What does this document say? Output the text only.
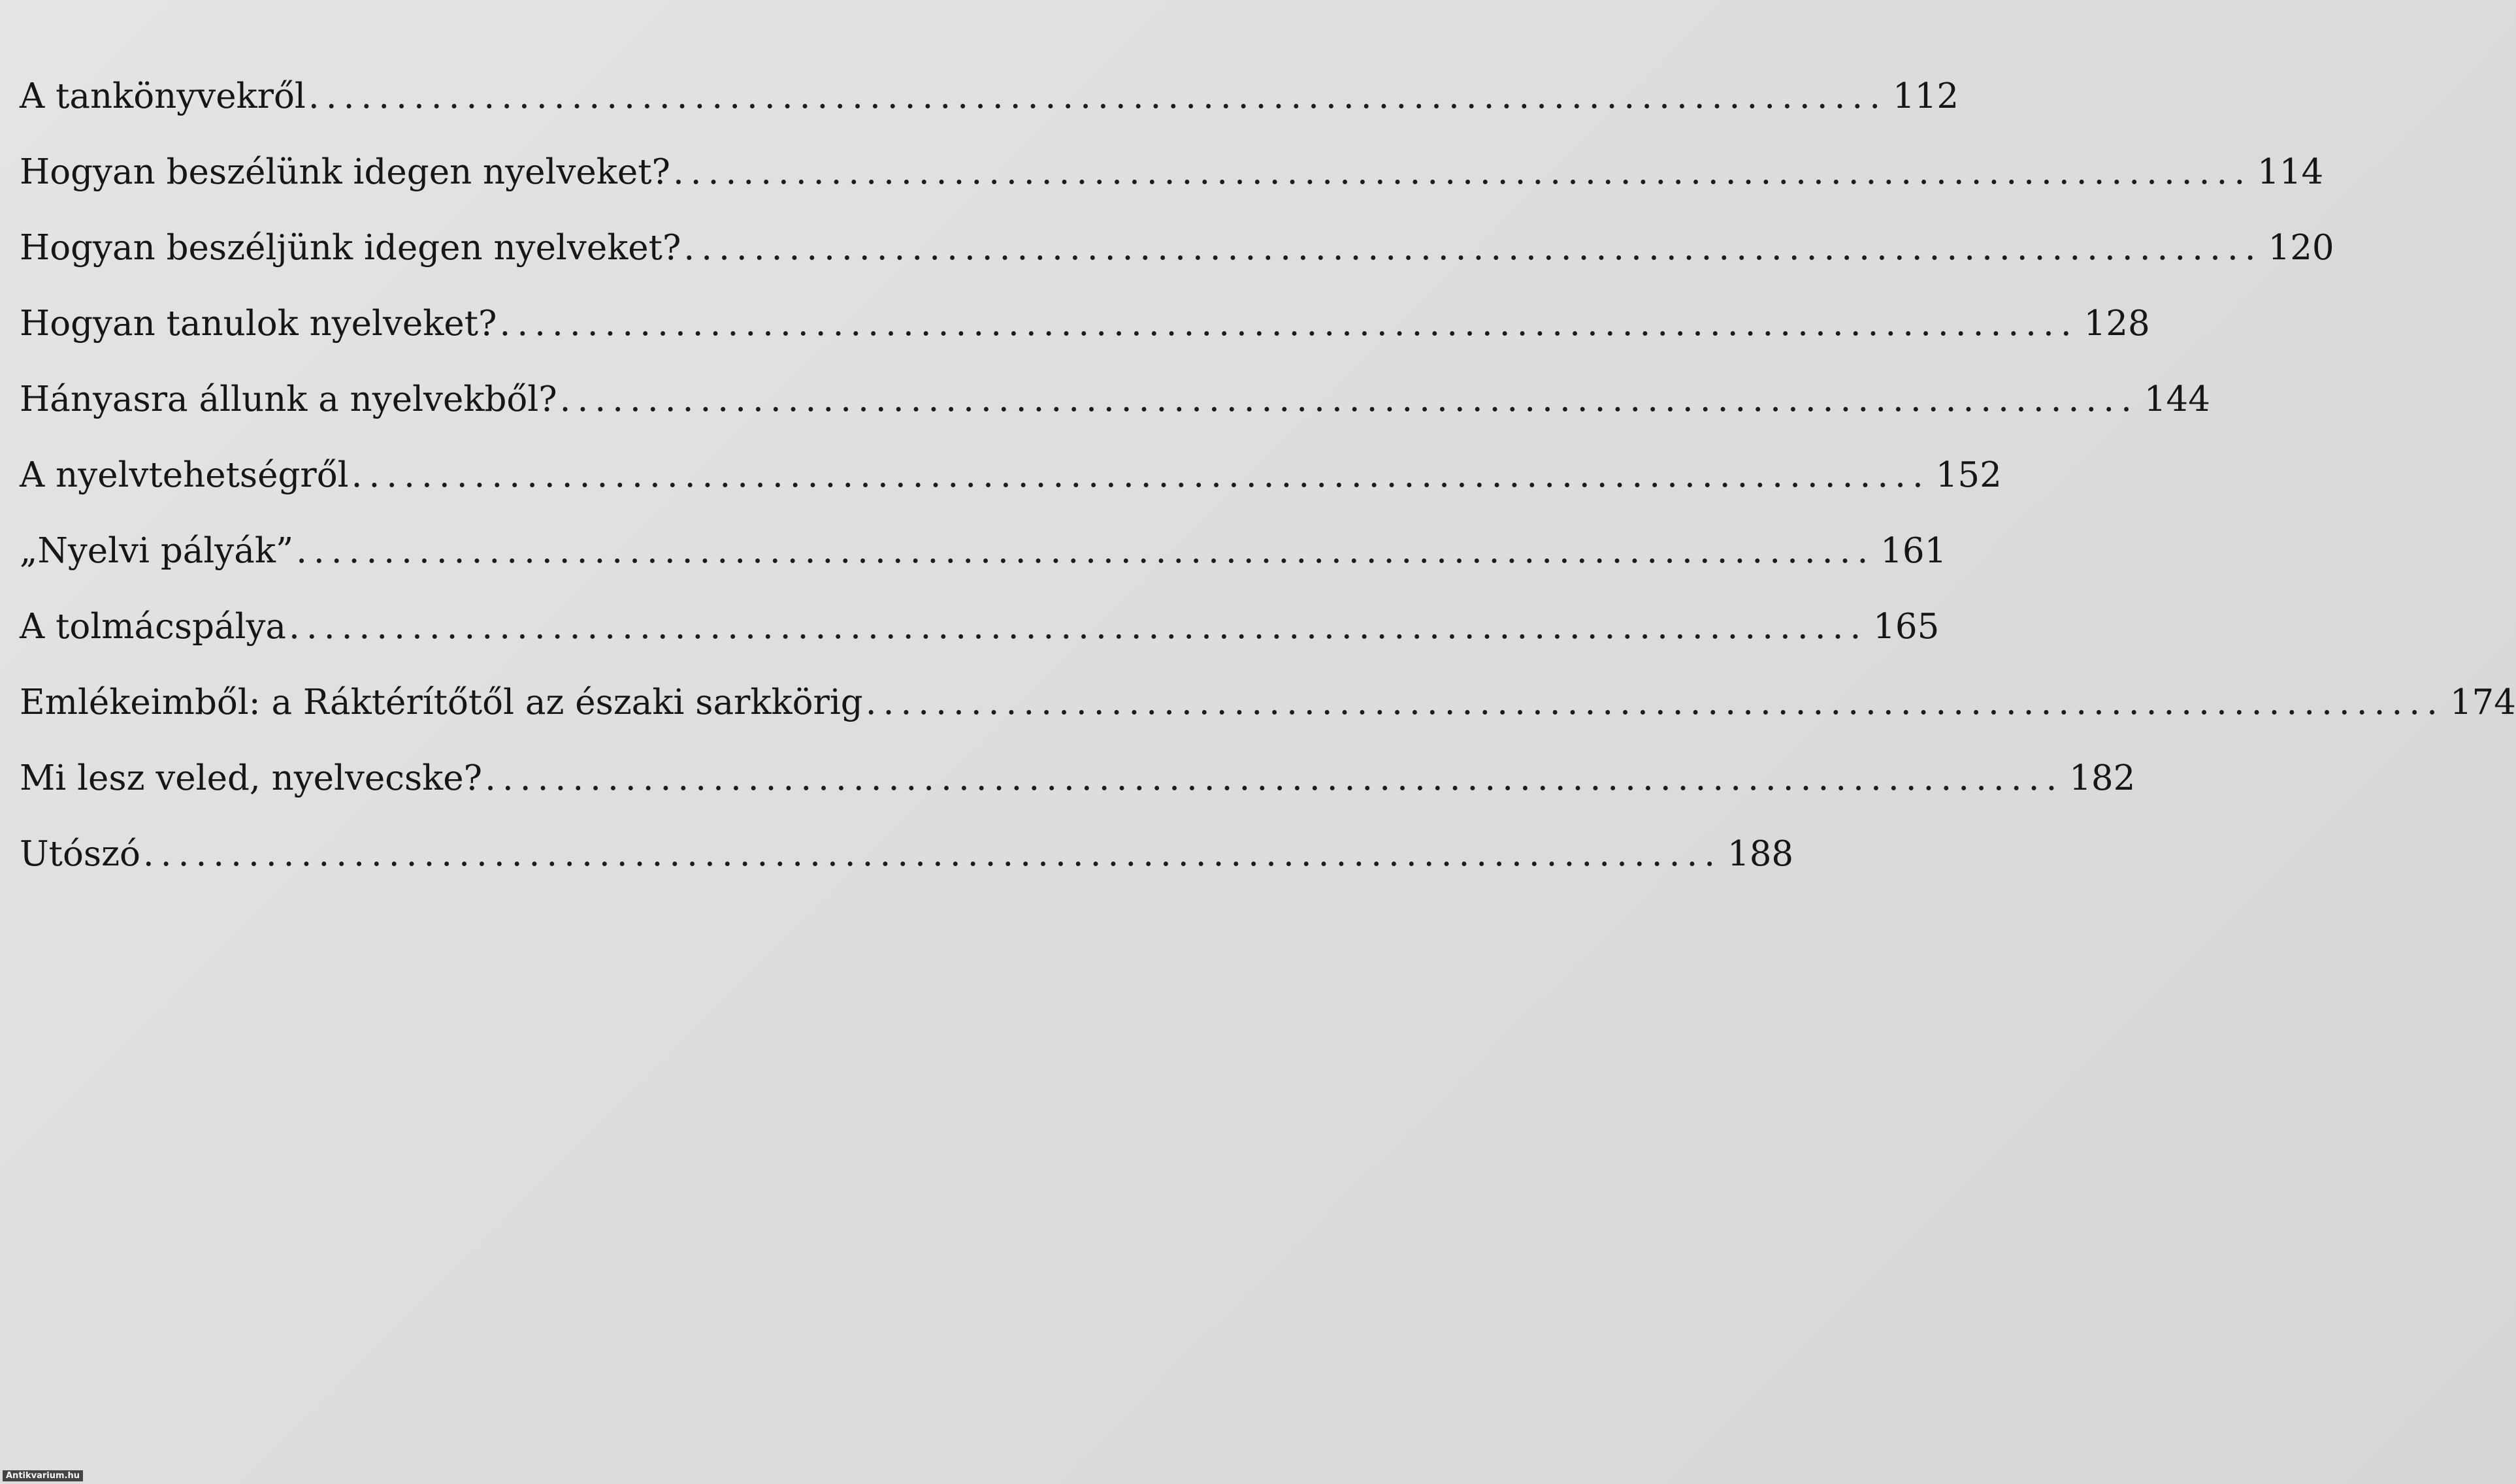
A tankönyvekről .......................................................................................... 112
Hogyan beszélünk idegen nyelveket? .......................................................................................... 114
Hogyan beszéljünk idegen nyelveket? .......................................................................................... 120
Hogyan tanulok nyelveket? .......................................................................................... 128
Hányasra állunk a nyelvekből? .......................................................................................... 144
A nyelvtehetségről .......................................................................................... 152
„Nyelvi pályák” .......................................................................................... 161
A tolmácspálya .......................................................................................... 165
Emlékeimből: a Ráktérítőtől az északi sarkkörig .......................................................................................... 174
Mi lesz veled, nyelvecske? .......................................................................................... 182
Utószó .......................................................................................... 188
Antikvarium.hu
